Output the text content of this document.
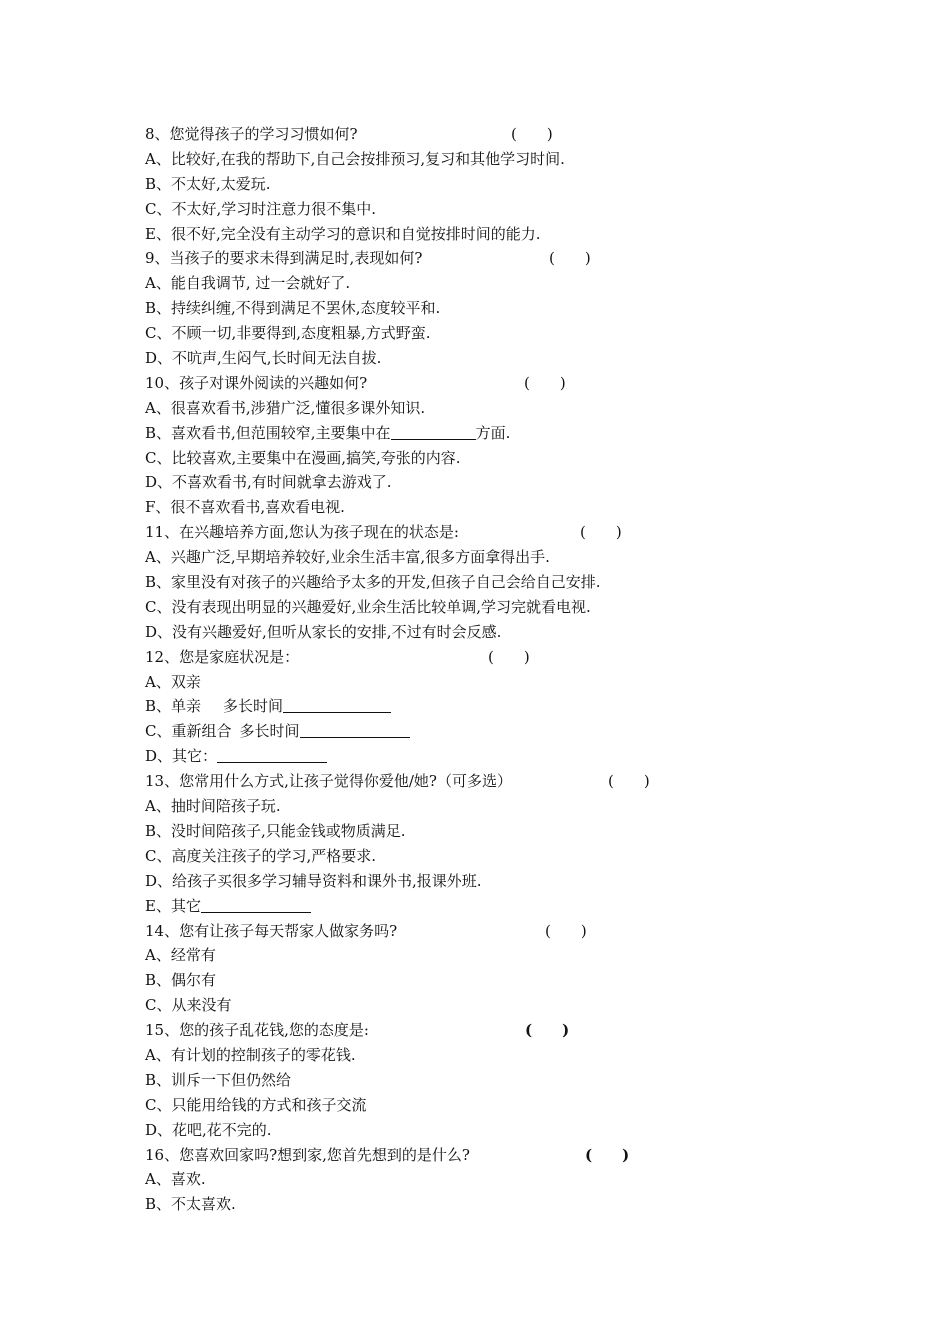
8、您觉得孩子的学习习惯如何?	(　　)
A、比较好,在我的帮助下,自己会按排预习,复习和其他学习时间.
B、不太好,太爱玩.
C、不太好,学习时注意力很不集中.
E、很不好,完全没有主动学习的意识和自觉按排时间的能力.
9、当孩子的要求未得到满足时,表现如何?	(　　)
A、能自我调节, 过一会就好了.
B、持续纠缠,不得到满足不罢休,态度较平和.
C、不顾一切,非要得到,态度粗暴,方式野蛮.
D、不吭声,生闷气,长时间无法自拔.
10、孩子对课外阅读的兴趣如何?	(　　)
A、很喜欢看书,涉猎广泛,懂很多课外知识.
B、喜欢看书,但范围较窄,主要集中在	方面.
C、比较喜欢,主要集中在漫画,搞笑,夸张的内容.
D、不喜欢看书,有时间就拿去游戏了.
F、很不喜欢看书,喜欢看电视.
11、在兴趣培养方面,您认为孩子现在的状态是:	(　　)
A、兴趣广泛,早期培养较好,业余生活丰富,很多方面拿得出手.
B、家里没有对孩子的兴趣给予太多的开发,但孩子自己会给自己安排.
C、没有表现出明显的兴趣爱好,业余生活比较单调,学习完就看电视.
D、没有兴趣爱好,但听从家长的安排,不过有时会反感.
12、您是家庭状况是：	(　　)
A、双亲
B、单亲 多长时间
C、重新组合 多长时间
D、其它：
13、您常用什么方式,让孩子觉得你爱他/她?（可多选）	(　　)
A、抽时间陪孩子玩.
B、没时间陪孩子,只能金钱或物质满足.
C、高度关注孩子的学习,严格要求.
D、给孩子买很多学习辅导资料和课外书,报课外班.
E、其它
14、您有让孩子每天帮家人做家务吗?	(　　)
A、经常有
B、偶尔有
C、从来没有
15、您的孩子乱花钱,您的态度是:	(　　)
A、有计划的控制孩子的零花钱.
B、训斥一下但仍然给
C、只能用给钱的方式和孩子交流
D、花吧,花不完的.
16、您喜欢回家吗?想到家,您首先想到的是什么?	(　　)
A、喜欢.
B、不太喜欢.
